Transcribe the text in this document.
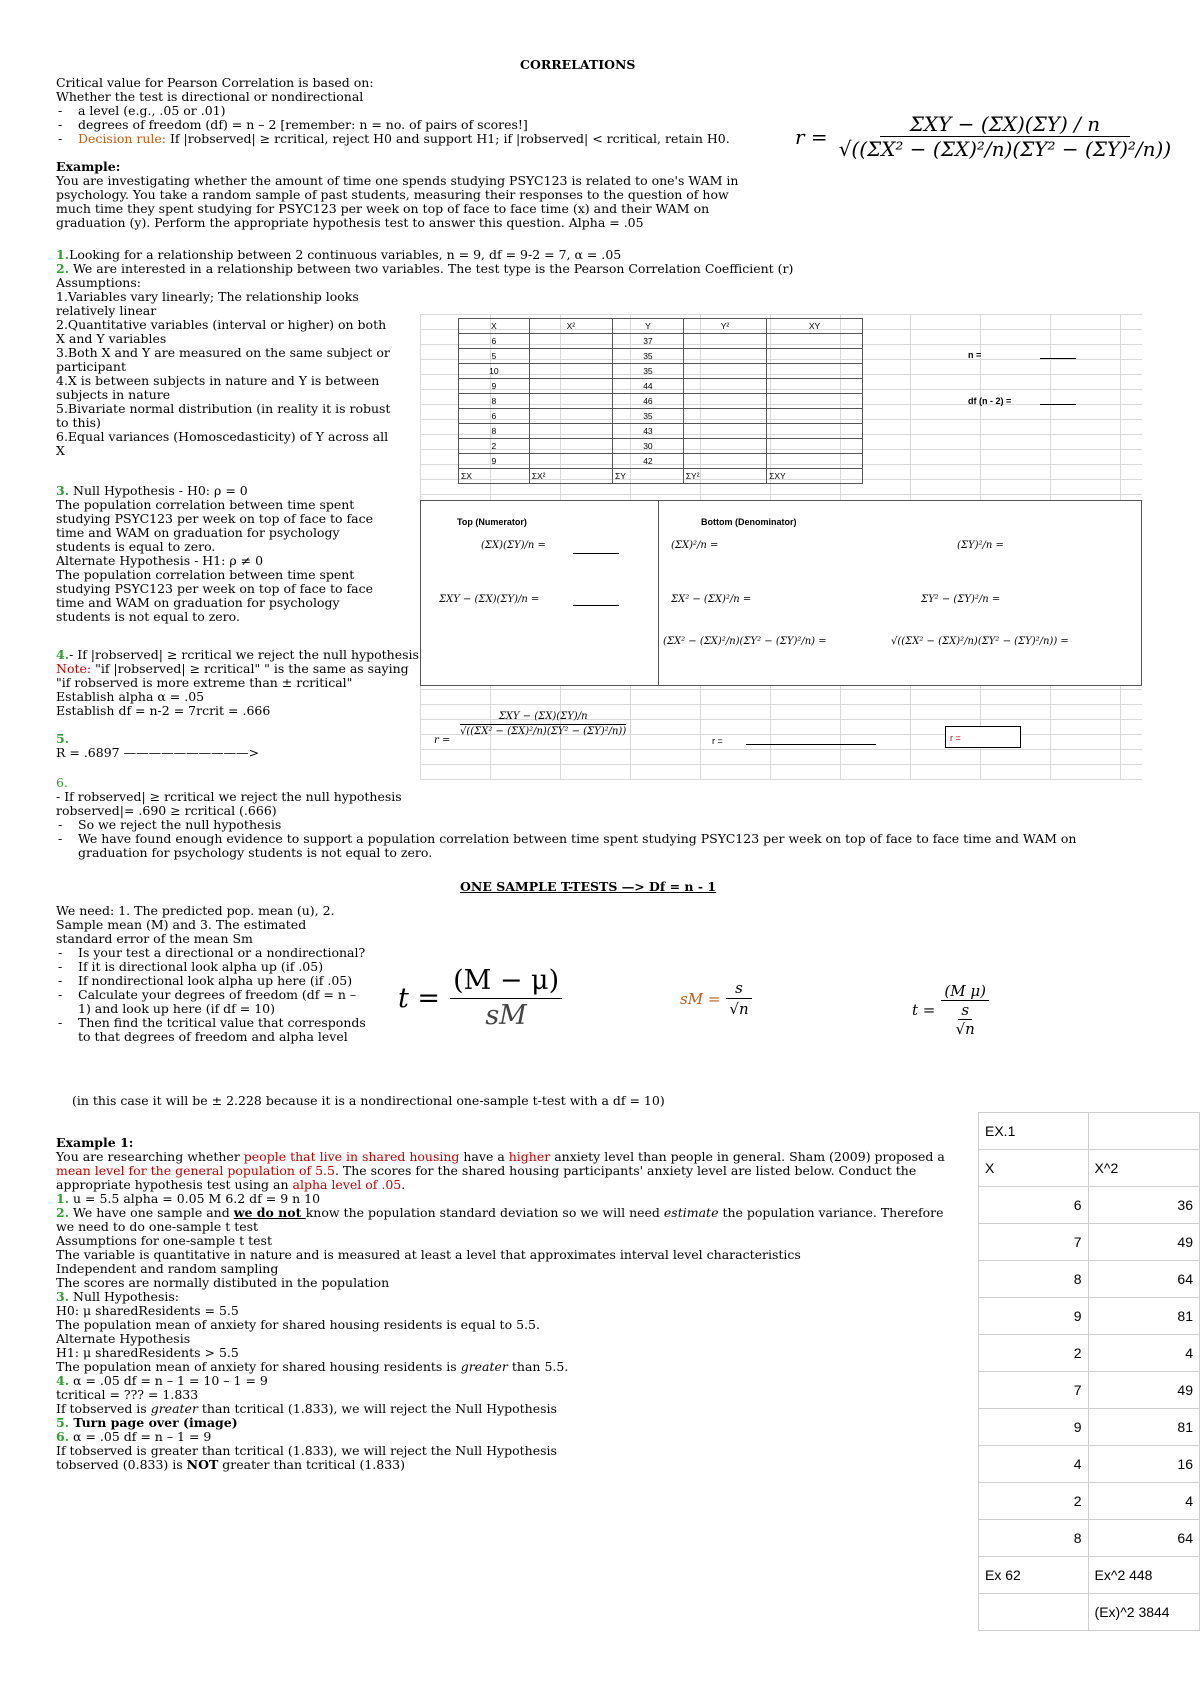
CORRELATIONS
Critical value for Pearson Correlation is based on:
Whether the test is directional or nondirectional
- a level (e.g., .05 or .01)
- degrees of freedom (df) = n – 2 [remember: n = no. of pairs of scores!]
- Decision rule: If |robserved| ≥ rcritical, reject H0 and support H1; if |robserved| < rcritical, retain H0.
Example:
You are investigating whether the amount of time one spends studying PSYC123 is related to one's WAM in psychology. You take a random sample of past students, measuring their responses to the question of how much time they spent studying for PSYC123 per week on top of face to face time (x) and their WAM on graduation (y). Perform the appropriate hypothesis test to answer this question. Alpha = .05
1.Looking for a relationship between 2 continuous variables, n = 9, df = 9-2 = 7, α = .05
2. We are interested in a relationship between two variables. The test type is the Pearson Correlation Coefficient (r)
Assumptions:
1.Variables vary linearly; The relationship looks relatively linear
2.Quantitative variables (interval or higher) on both X and Y variables
3.Both X and Y are measured on the same subject or participant
4.X is between subjects in nature and Y is between subjects in nature
5.Bivariate normal distribution (in reality it is robust to this)
6.Equal variances (Homoscedasticity) of Y across all X
3. Null Hypothesis - H0: ρ = 0
The population correlation between time spent studying PSYC123 per week on top of face to face time and WAM on graduation for psychology students is equal to zero.
Alternate Hypothesis - H1: ρ ≠ 0
The population correlation between time spent studying PSYC123 per week on top of face to face time and WAM on graduation for psychology students is not equal to zero.
4.- If |robserved| ≥ rcritical we reject the null hypothesis
Note: "if |robserved| ≥ rcritical" " is the same as saying
"if robserved is more extreme than ± rcritical"
Establish alpha α = .05
Establish df = n-2 = 7rcrit = .666
5.
R = .6897 ——————————>
6.
- If robserved| ≥ rcritical we reject the null hypothesis
robserved|= .690 ≥ rcritical (.666)
- So we reject the null hypothesis
- We have found enough evidence to support a population correlation between time spent studying PSYC123 per week on top of face to face time and WAM on graduation for psychology students is not equal to zero.
$r = \frac{\text{ΣXY − (ΣX)(ΣY) / n}}{\text{√((ΣX² − (ΣX)²/n)(ΣY² − (ΣY)²/n))}}$
X	X²	Y	Y²	XY
6		37		
5		35		
10		35		
9		44		
8		46		
6		35		
8		43		
2		30		
9		42		
ΣX	ΣX²	ΣY	ΣY²	ΣXY
n =
df (n - 2) =
Top (Numerator)	Bottom (Denominator)
(ΣX)(ΣY)/n =
ΣXY − (ΣX)(ΣY)/n =
(ΣX)²/n =	(ΣY)²/n =
ΣX² − (ΣX)²/n =	ΣY² − (ΣY)²/n =
(ΣX² − (ΣX)²/n)(ΣY² − (ΣY)²/n) =	√((ΣX² − (ΣX)²/n)(ΣY² − (ΣY)²/n)) =
r =
ΣXY − (ΣX)(ΣY)/n
√((ΣX² − (ΣX)²/n)(ΣY² − (ΣY)²/n))
r =	r =
ONE SAMPLE T-TESTS —> Df = n - 1
We need: 1. The predicted pop. mean (u), 2. Sample mean (M) and 3. The estimated standard error of the mean Sm
- Is your test a directional or a nondirectional?
- If it is directional look alpha up (if .05)
- If nondirectional look alpha up here (if .05)
- Calculate your degrees of freedom (df = n – 1) and look up here (if df = 10)
- Then find the tcritical value that corresponds to that degrees of freedom and alpha level
(in this case it will be ± 2.228 because it is a nondirectional one-sample t-test with a df = 10)
$t = \frac{(M - \mu)}{sM}$	sM = $\frac{s}{√n}$	t =
(M μ)
s
√n
Example 1:
You are researching whether people that live in shared housing have a higher anxiety level than people in general. Sham (2009) proposed a mean level for the general population of 5.5. The scores for the shared housing participants' anxiety level are listed below. Conduct the appropriate hypothesis test using an alpha level of .05.
1. u = 5.5 alpha = 0.05 M 6.2 df = 9 n 10
2. We have one sample and we do not know the population standard deviation so we will need estimate the population variance. Therefore we need to do one-sample t test
Assumptions for one-sample t test
The variable is quantitative in nature and is measured at least a level that approximates interval level characteristics
Independent and random sampling
The scores are normally distibuted in the population
3. Null Hypothesis:
H0: μ sharedResidents = 5.5
The population mean of anxiety for shared housing residents is equal to 5.5.
Alternate Hypothesis
H1: μ sharedResidents > 5.5
The population mean of anxiety for shared housing residents is greater than 5.5.
4. α = .05 df = n – 1 = 10 – 1 = 9
tcritical = ??? = 1.833
If tobserved is greater than tcritical (1.833), we will reject the Null Hypothesis
5. Turn page over (image)
6. α = .05 df = n – 1 = 9
If tobserved is greater than tcritical (1.833), we will reject the Null Hypothesis
tobserved (0.833) is NOT greater than tcritical (1.833)
EX.1	
X	X^2
6	36
7	49
8	64
9	81
2	4
7	49
9	81
4	16
2	4
8	64
Ex 62	Ex^2 448
	(Ex)^2 3844
